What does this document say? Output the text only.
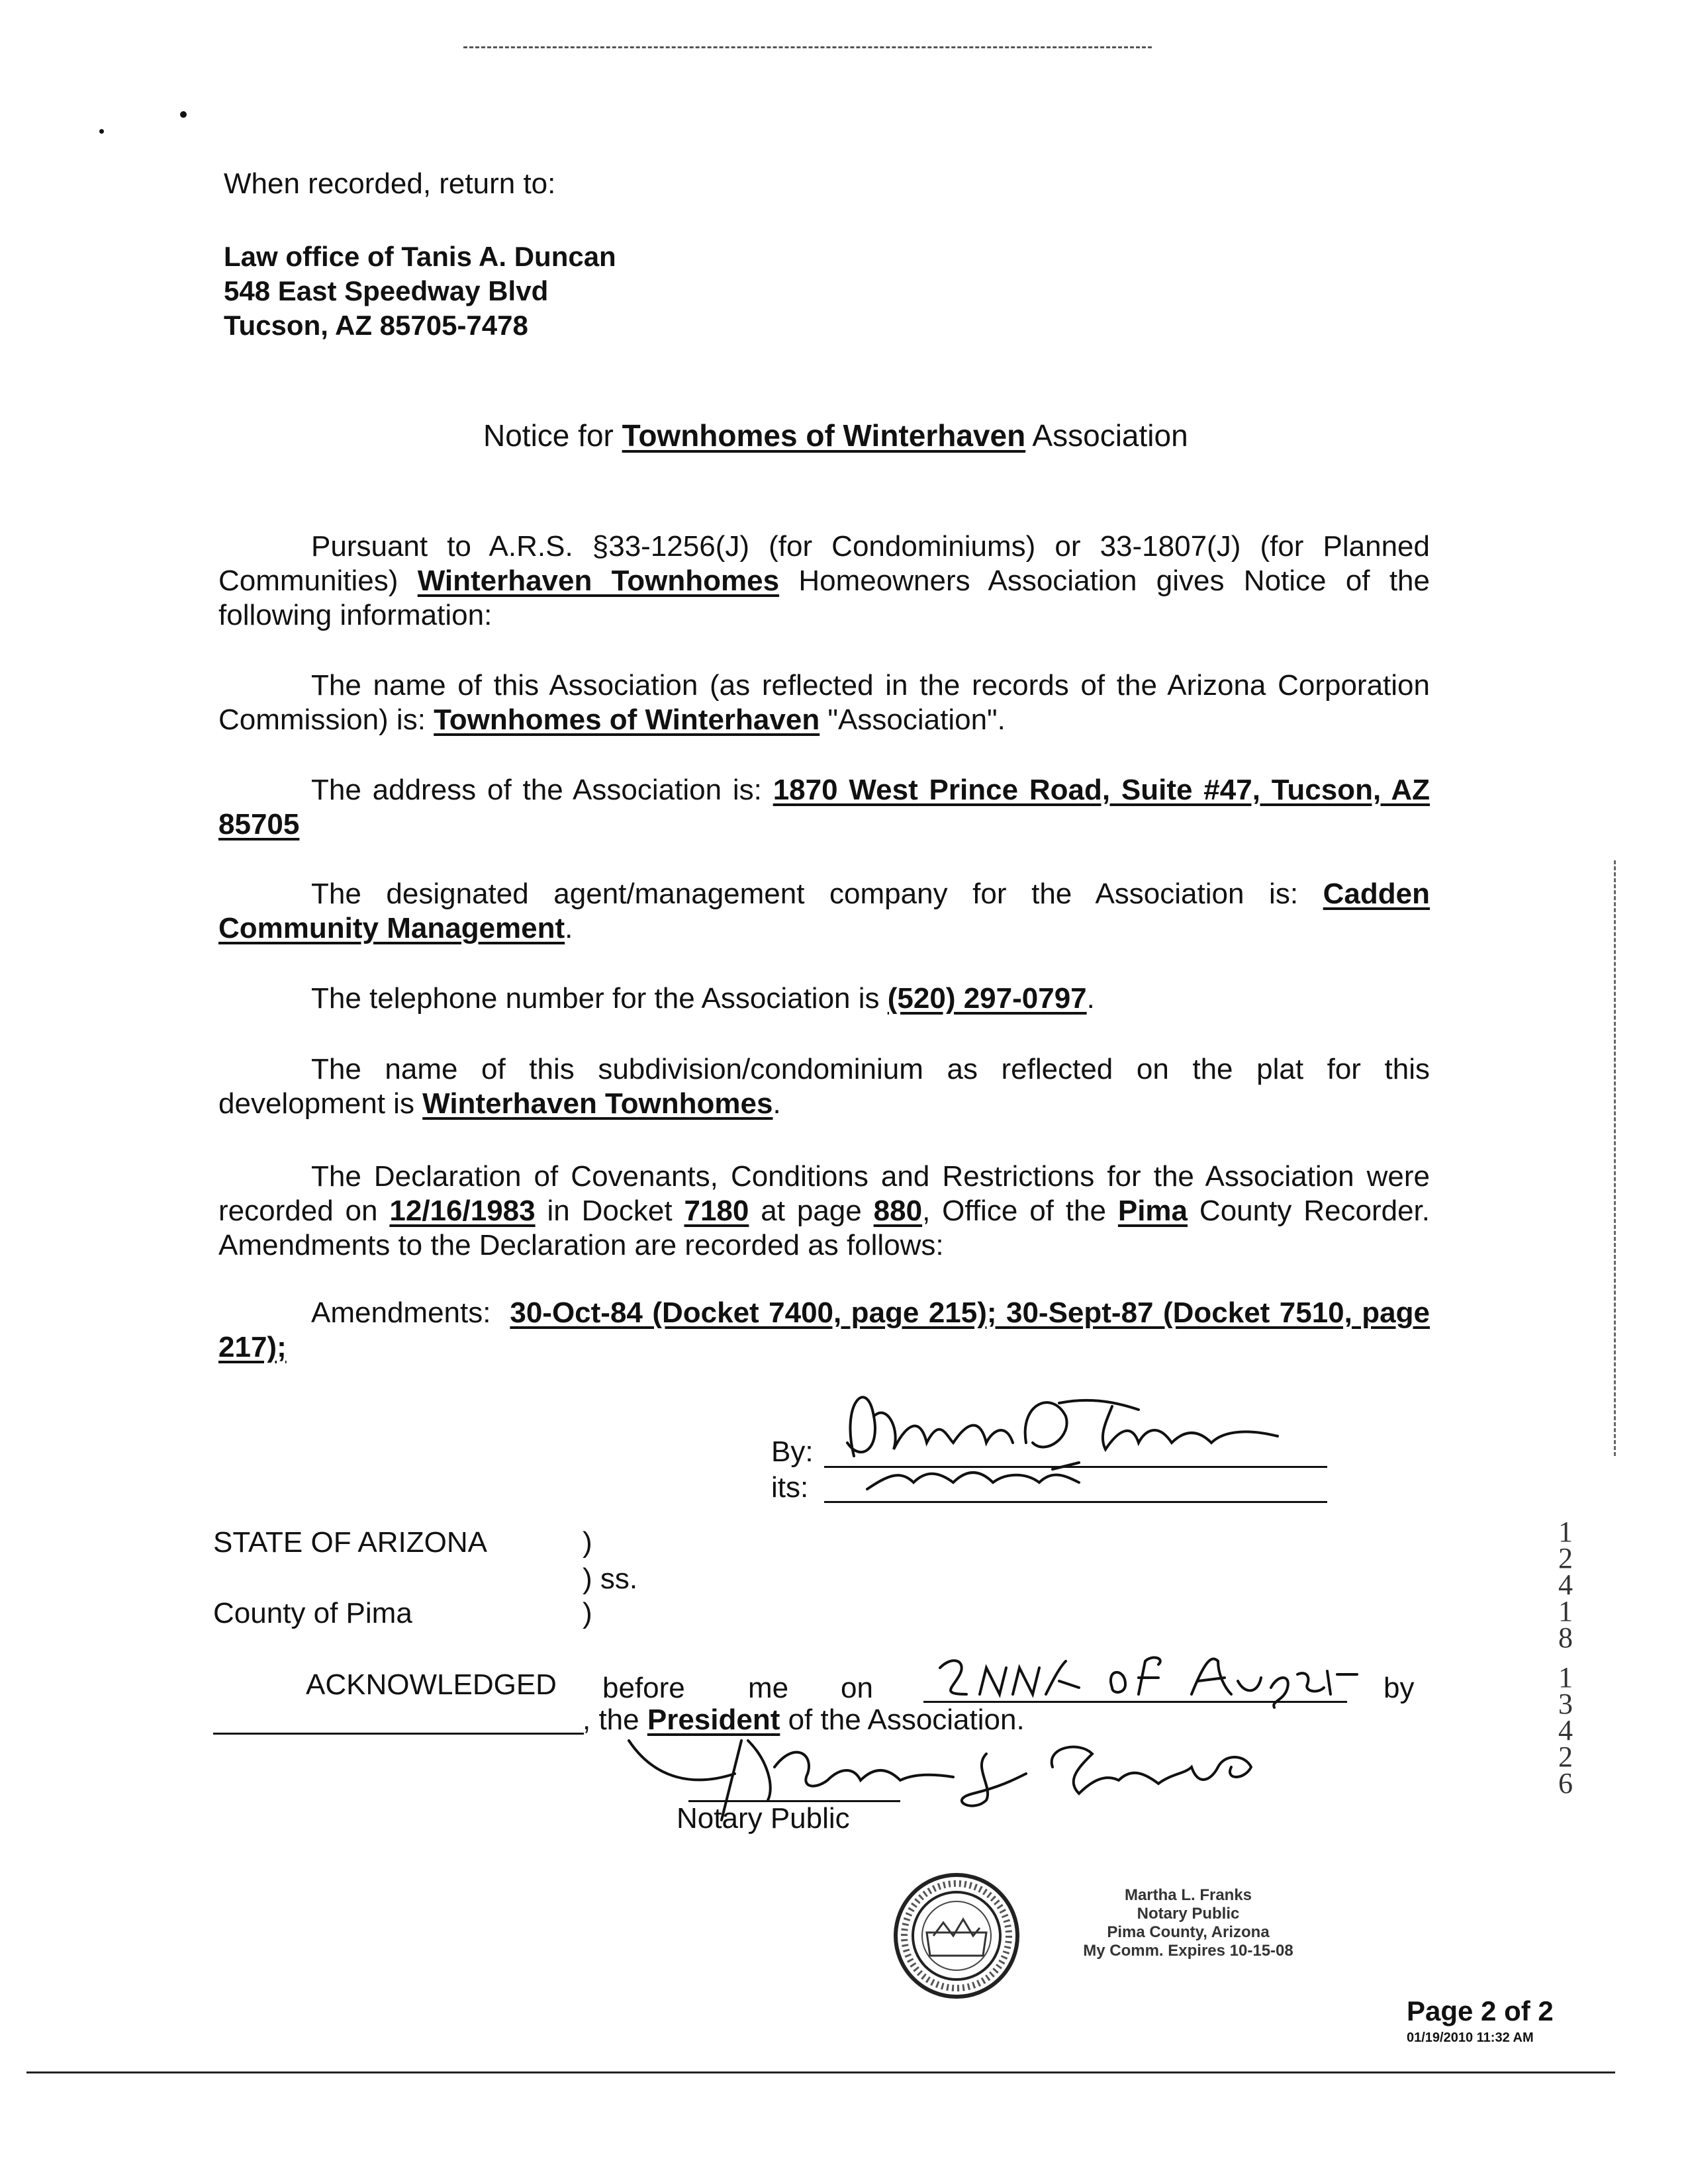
When recorded, return to:
Law office of Tanis A. Duncan
548 East Speedway Blvd
Tucson, AZ 85705-7478
Notice for Townhomes of Winterhaven Association
Pursuant to A.R.S. §33-1256(J) (for Condominiums) or 33-1807(J) (for Planned Communities) Winterhaven Townhomes Homeowners Association gives Notice of the following information:
The name of this Association (as reflected in the records of the Arizona Corporation Commission) is: Townhomes of Winterhaven "Association".
The address of the Association is: 1870 West Prince Road, Suite #47, Tucson, AZ 85705
The designated agent/management company for the Association is: Cadden Community Management.
The telephone number for the Association is (520) 297-0797.
The name of this subdivision/condominium as reflected on the plat for this development is Winterhaven Townhomes.
The Declaration of Covenants, Conditions and Restrictions for the Association were recorded on 12/16/1983 in Docket 7180 at page 880, Office of the Pima County Recorder. Amendments to the Declaration are recorded as follows:
Amendments: 30-Oct-84 (Docket 7400, page 215); 30-Sept-87 (Docket 7510, page 217);
By:
its:
STATE OF ARIZONA	)
) ss.
County of Pima	)
ACKNOWLEDGED before me on	by
, the President of the Association.
Notary Public
Martha L. Franks
Notary Public
Pima County, Arizona
My Comm. Expires 10-15-08
1
2
4
1
8
1
3
4
2
6
Page 2 of 2
01/19/2010 11:32 AM
